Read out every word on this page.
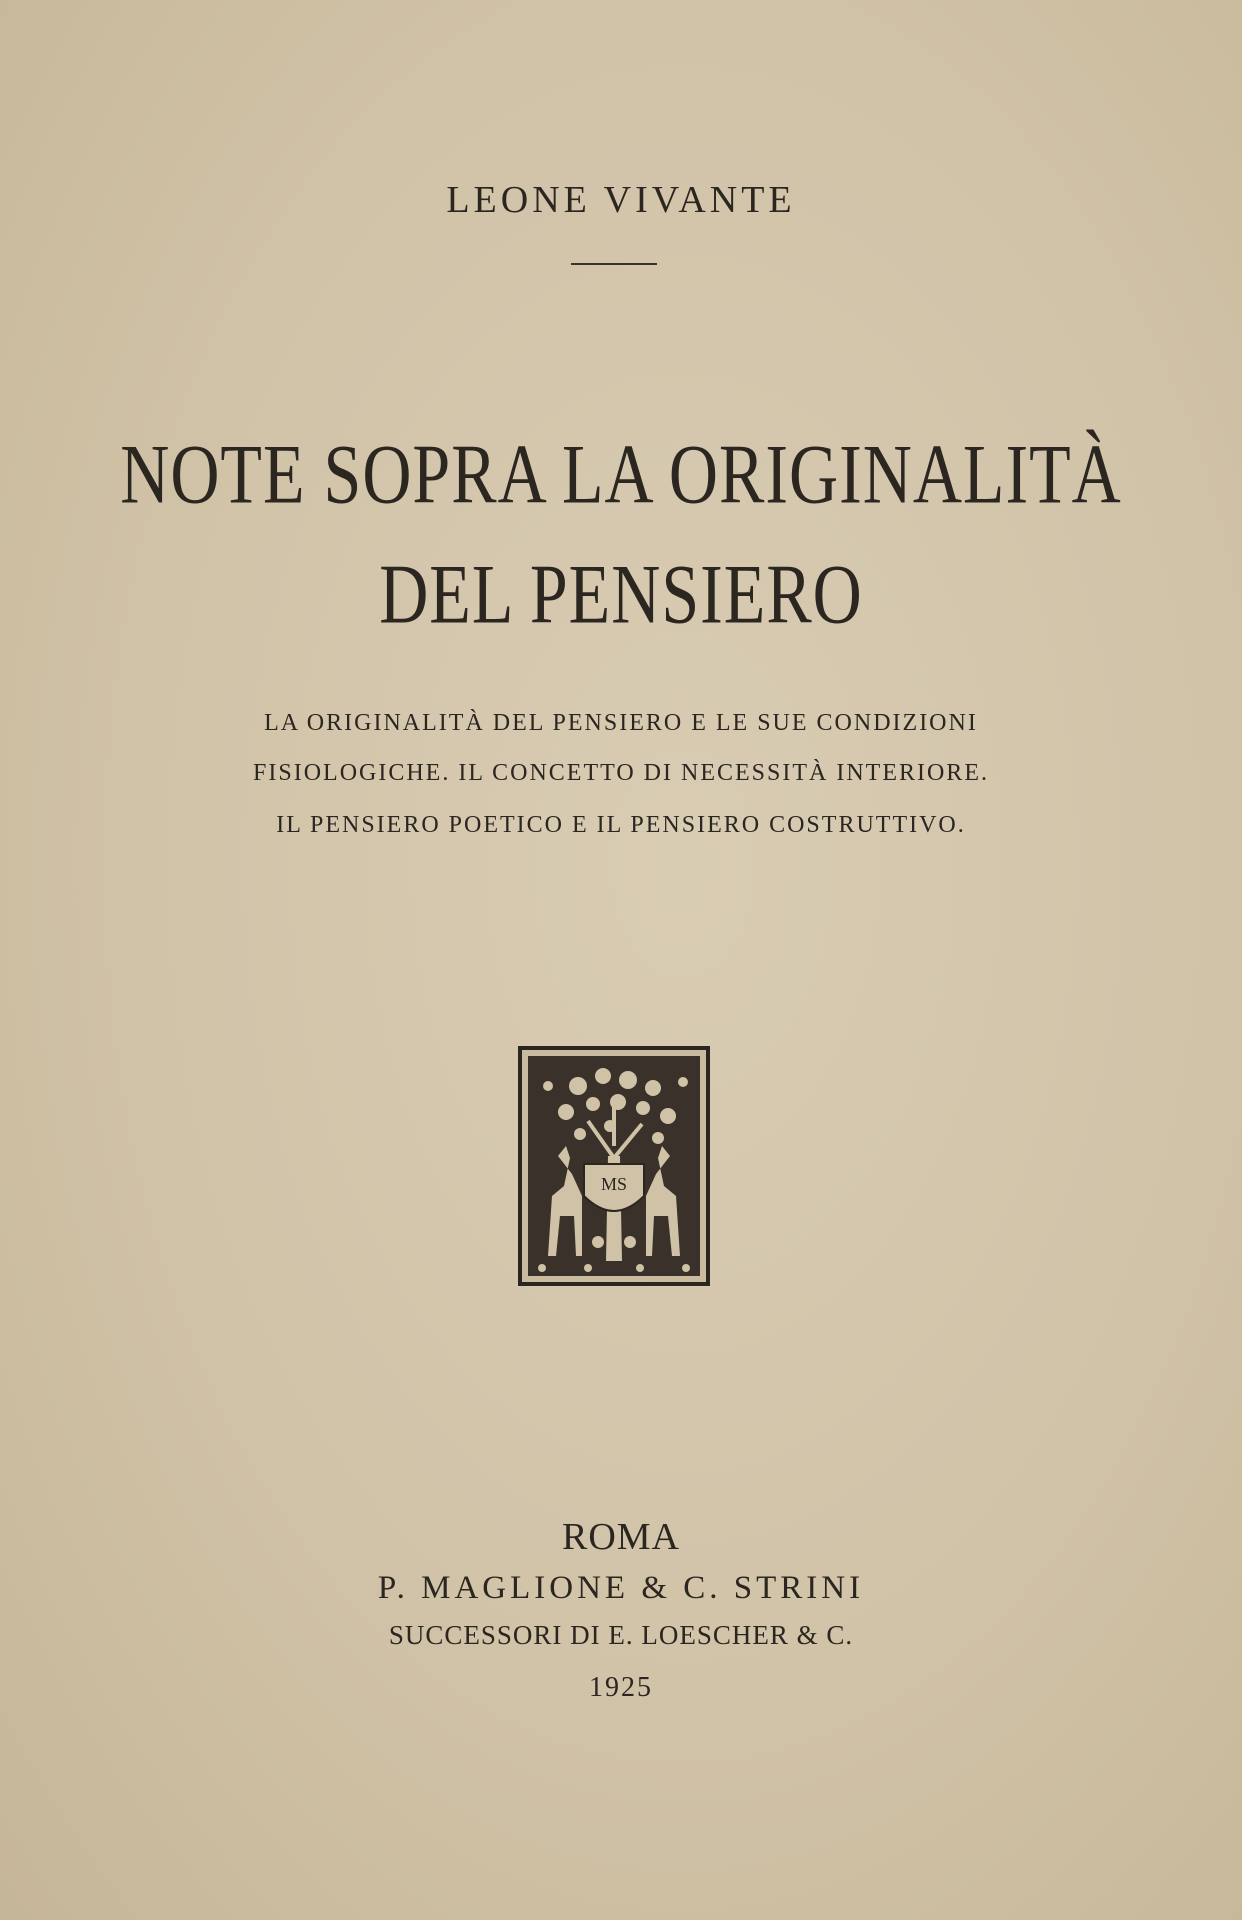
LEONE VIVANTE
NOTE SOPRA LA ORIGINALITÀ
DEL PENSIERO
LA ORIGINALITÀ DEL PENSIERO E LE SUE CONDIZIONI
FISIOLOGICHE. IL CONCETTO DI NECESSITÀ INTERIORE.
IL PENSIERO POETICO E IL PENSIERO COSTRUTTIVO.
MS
ROMA
P. MAGLIONE & C. STRINI
SUCCESSORI DI E. LOESCHER & C.
1925
